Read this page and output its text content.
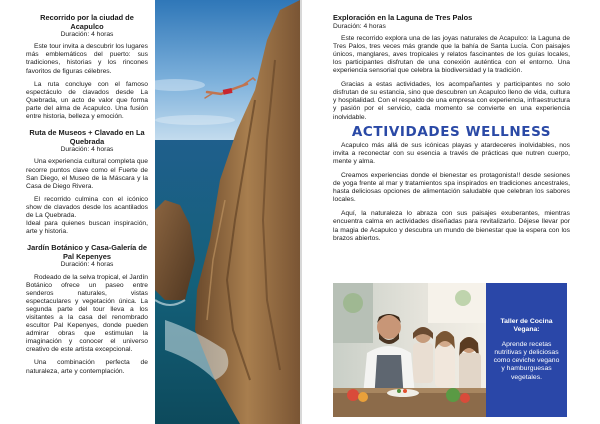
Recorrido por la ciudad de Acapulco
Duración: 4 horas

Este tour invita a descubrir los lugares más emblemáticos del puerto: sus tradiciones, historias y los rincones favoritos de figuras célebres.

La ruta concluye con el famoso espectáculo de clavados desde La Quebrada, un acto de valor que forma parte del alma de Acapulco. Una fusión entre historia, belleza y emoción.

Ruta de Museos + Clavado en La Quebrada
Duración: 4 horas

Una experiencia cultural completa que recorre puntos clave como el Fuerte de San Diego, el Museo de la Máscara y la Casa de Diego Rivera.

El recorrido culmina con el icónico show de clavados desde los acantilados de La Quebrada.

Ideal para quienes buscan inspiración, arte y historia.

Jardín Botánico y Casa-Galería de Pal Kepenyes
Duración: 4 horas

Rodeado de la selva tropical, el Jardín Botánico ofrece un paseo entre senderos naturales, vistas espectaculares y vegetación única. La segunda parte del tour lleva a los visitantes a la casa del renombrado escultor Pal Kepenyes, donde pueden admirar obras que estimulan la imaginación y conocer el universo creativo de este artista excepcional.

Una combinación perfecta de naturaleza, arte y contemplación.

Exploración en la Laguna de Tres Palos
Duración: 4 horas

Este recorrido explora una de las joyas naturales de Acapulco: la Laguna de Tres Palos, tres veces más grande que la bahía de Santa Lucía. Con paisajes únicos, manglares, aves tropicales y relatos fascinantes de los guías locales, los participantes disfrutan de una conexión auténtica con el entorno. Una experiencia sensorial que celebra la biodiversidad y la tradición.

Gracias a estas actividades, los acompañantes y participantes no solo disfrutan de su estancia, sino que descubren un Acapulco lleno de vida, cultura y hospitalidad. Con el respaldo de una empresa con experiencia, infraestructura y pasión por el servicio, cada momento se convierte en una experiencia inolvidable.

ACTIVIDADES WELLNESS

Acapulco más allá de sus icónicas playas y atardeceres inolvidables, nos invita a reconectar con su esencia a través de prácticas que nutren cuerpo, mente y alma.

Creamos experiencias donde el bienestar es protagonista!! desde sesiones de yoga frente al mar y tratamientos spa inspirados en tradiciones ancestrales, hasta deliciosas opciones de alimentación saludable que celebran los sabores locales.

Aquí, la naturaleza lo abraza con sus paisajes exuberantes, mientras encuentra calma en actividades diseñadas para revitalizarlo. Déjese llevar por la magia de Acapulco y descubra un mundo de bienestar que la espera con los brazos abiertos.

Taller de Cocina Vegana:
Aprende recetas nutritivas y deliciosas como ceviche vegano y hamburguesas vegetales.
